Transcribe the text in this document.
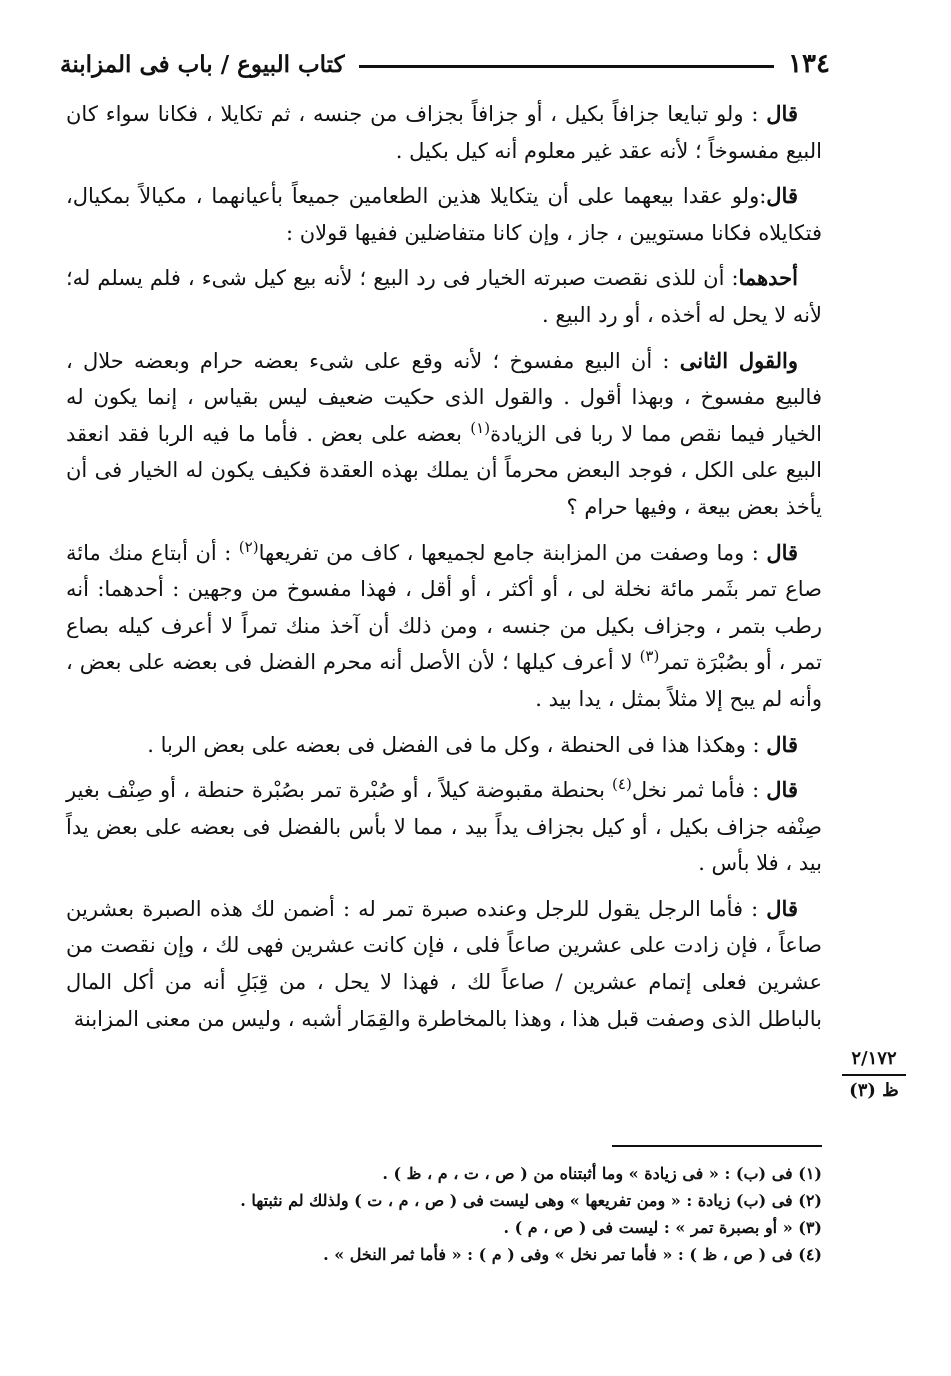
١٣٤
كتاب البيوع / باب فى المزابنة

قال : ولو تبايعا جزافاً بكيل ، أو جزافاً بجزاف من جنسه ، ثم تكايلا ، فكانا سواء كان البيع مفسوخاً ؛ لأنه عقد غير معلوم أنه كيل بكيل .

قال:ولو عقدا بيعهما على أن يتكايلا هذين الطعامين جميعاً بأعيانهما ، مكيالاً بمكيال، فتكايلاه فكانا مستويين ، جاز ، وإن كانا متفاضلين ففيها قولان :

أحدهما: أن للذى نقصت صبرته الخيار فى رد البيع ؛ لأنه بيع كيل شىء ، فلم يسلم له؛ لأنه لا يحل له أخذه ، أو رد البيع .

والقول الثانى : أن البيع مفسوخ ؛ لأنه وقع على شىء بعضه حرام وبعضه حلال ، فالبيع مفسوخ ، وبهذا أقول . والقول الذى حكيت ضعيف ليس بقياس ، إنما يكون له الخيار فيما نقص مما لا ربا فى الزيادة$^{(١)}$ بعضه على بعض . فأما ما فيه الربا فقد انعقد البيع على الكل ، فوجد البعض محرماً أن يملك بهذه العقدة فكيف يكون له الخيار فى أن يأخذ بعض بيعة ، وفيها حرام ؟

قال : وما وصفت من المزابنة جامع لجميعها ، كاف من تفريعها$^{(٢)}$ : أن أبتاع منك مائة صاع تمر بثَمر مائة نخلة لى ، أو أكثر ، أو أقل ، فهذا مفسوخ من وجهين : أحدهما: أنه رطب بتمر ، وجزاف بكيل من جنسه ، ومن ذلك أن آخذ منك تمراً لا أعرف كيله بصاع تمر ، أو بصُبْرَة تمر$^{(٣)}$ لا أعرف كيلها ؛ لأن الأصل أنه محرم الفضل فى بعضه على بعض ، وأنه لم يبح إلا مثلاً بمثل ، يدا بيد .

قال : وهكذا هذا فى الحنطة ، وكل ما فى الفضل فى بعضه على بعض الربا .

قال : فأما ثمر نخل$^{(٤)}$ بحنطة مقبوضة كيلاً ، أو صُبْرة تمر بصُبْرة حنطة ، أو صِنْف بغير صِنْفه جزاف بكيل ، أو كيل بجزاف يداً بيد ، مما لا بأس بالفضل فى بعضه على بعض يداً بيد ، فلا بأس .

قال : فأما الرجل يقول للرجل وعنده صبرة تمر له : أضمن لك هذه الصبرة بعشرين صاعاً ، فإن زادت على عشرين صاعاً فلى ، فإن كانت عشرين فهى لك ، وإن نقصت من عشرين فعلى إتمام عشرين / صاعاً لك ، فهذا لا يحل ، من قِبَلِ أنه من أكل المال بالباطل الذى وصفت قبل هذا ، وهذا بالمخاطرة والقِمَار أشبه ، وليس من معنى المزابنة

٢/١٧٢
ظ (٣)

(١) فى (ب) : « فى زيادة » وما أثبتناه من ( ص ، ت ، م ، ظ ) .

(٢) فى (ب) زيادة : « ومن تفريعها » وهى ليست فى ( ص ، م ، ت ) ولذلك لم نثبتها .

(٣) « أو بصبرة تمر » : ليست فى ( ص ، م ) .

(٤) فى ( ص ، ظ ) : « فأما تمر نخل » وفى ( م ) : « فأما ثمر النخل » .
